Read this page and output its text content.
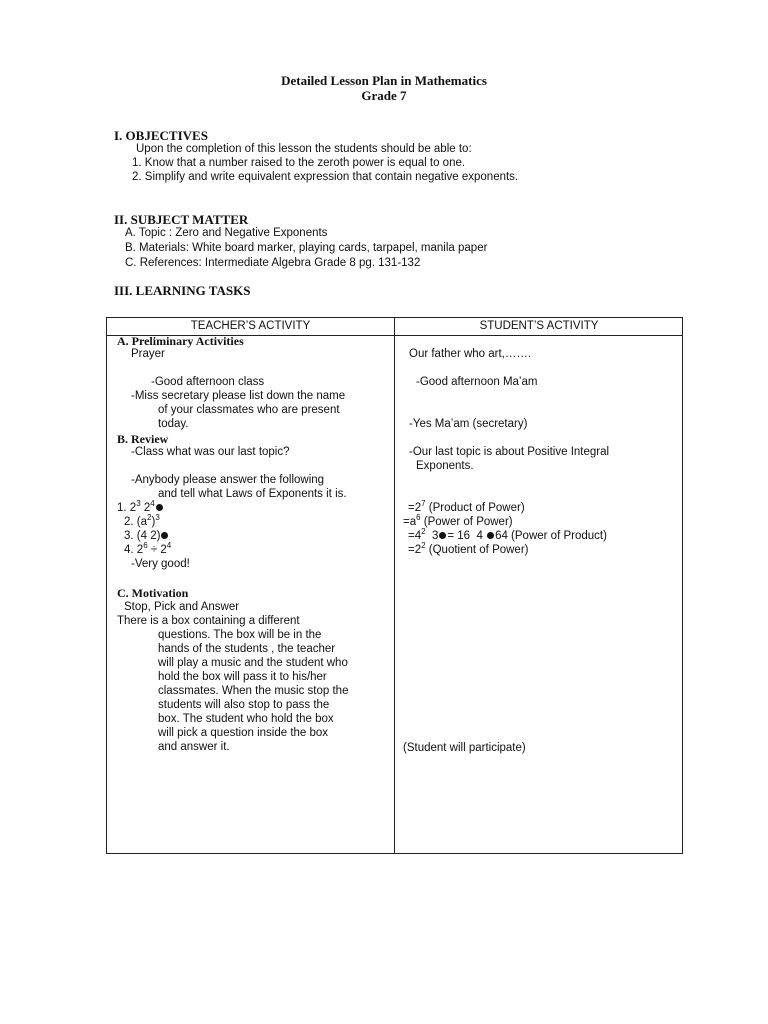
Detailed Lesson Plan in Mathematics
Grade 7
I. OBJECTIVES
Upon the completion of this lesson the students should be able to:
1. Know that a number raised to the zeroth power is equal to one.
2. Simplify and write equivalent expression that contain negative exponents.
II. SUBJECT MATTER
A. Topic : Zero and Negative Exponents
B. Materials: White board marker, playing cards, tarpapel, manila paper
C. References: Intermediate Algebra Grade 8 pg. 131-132
III. LEARNING TASKS
TEACHER’S ACTIVITY	STUDENT’S ACTIVITY
A. Preliminary Activities
Prayer
-Good afternoon class
-Miss secretary please list down the name
of your classmates who are present
today.
B. Review
-Class what was our last topic?
-Anybody please answer the following
and tell what Laws of Exponents it is.
1. $2^3$ $2^4$
2. $(a^2)^3$
3. (4 2)
4. $2^6 \div 2^4$
-Very good!
C. Motivation
Stop, Pick and Answer
There is a box containing a different
questions. The box will be in the
hands of the students , the teacher
will play a music and the student who
hold the box will pass it to his/her
classmates. When the music stop the
students will also stop to pass the
box. The student who hold the box
will pick a question inside the box
and answer it.
Our father who art,…….
-Good afternoon Ma’am
-Yes Ma’am (secretary)
-Our last topic is about Positive Integral
Exponents.
$=2^7$ (Product of Power)
$=a^6$ (Power of Power)
$=4^2$  3 = 16  4 64 (Power of Product)
$=2^2$ (Quotient of Power)
(Student will participate)
